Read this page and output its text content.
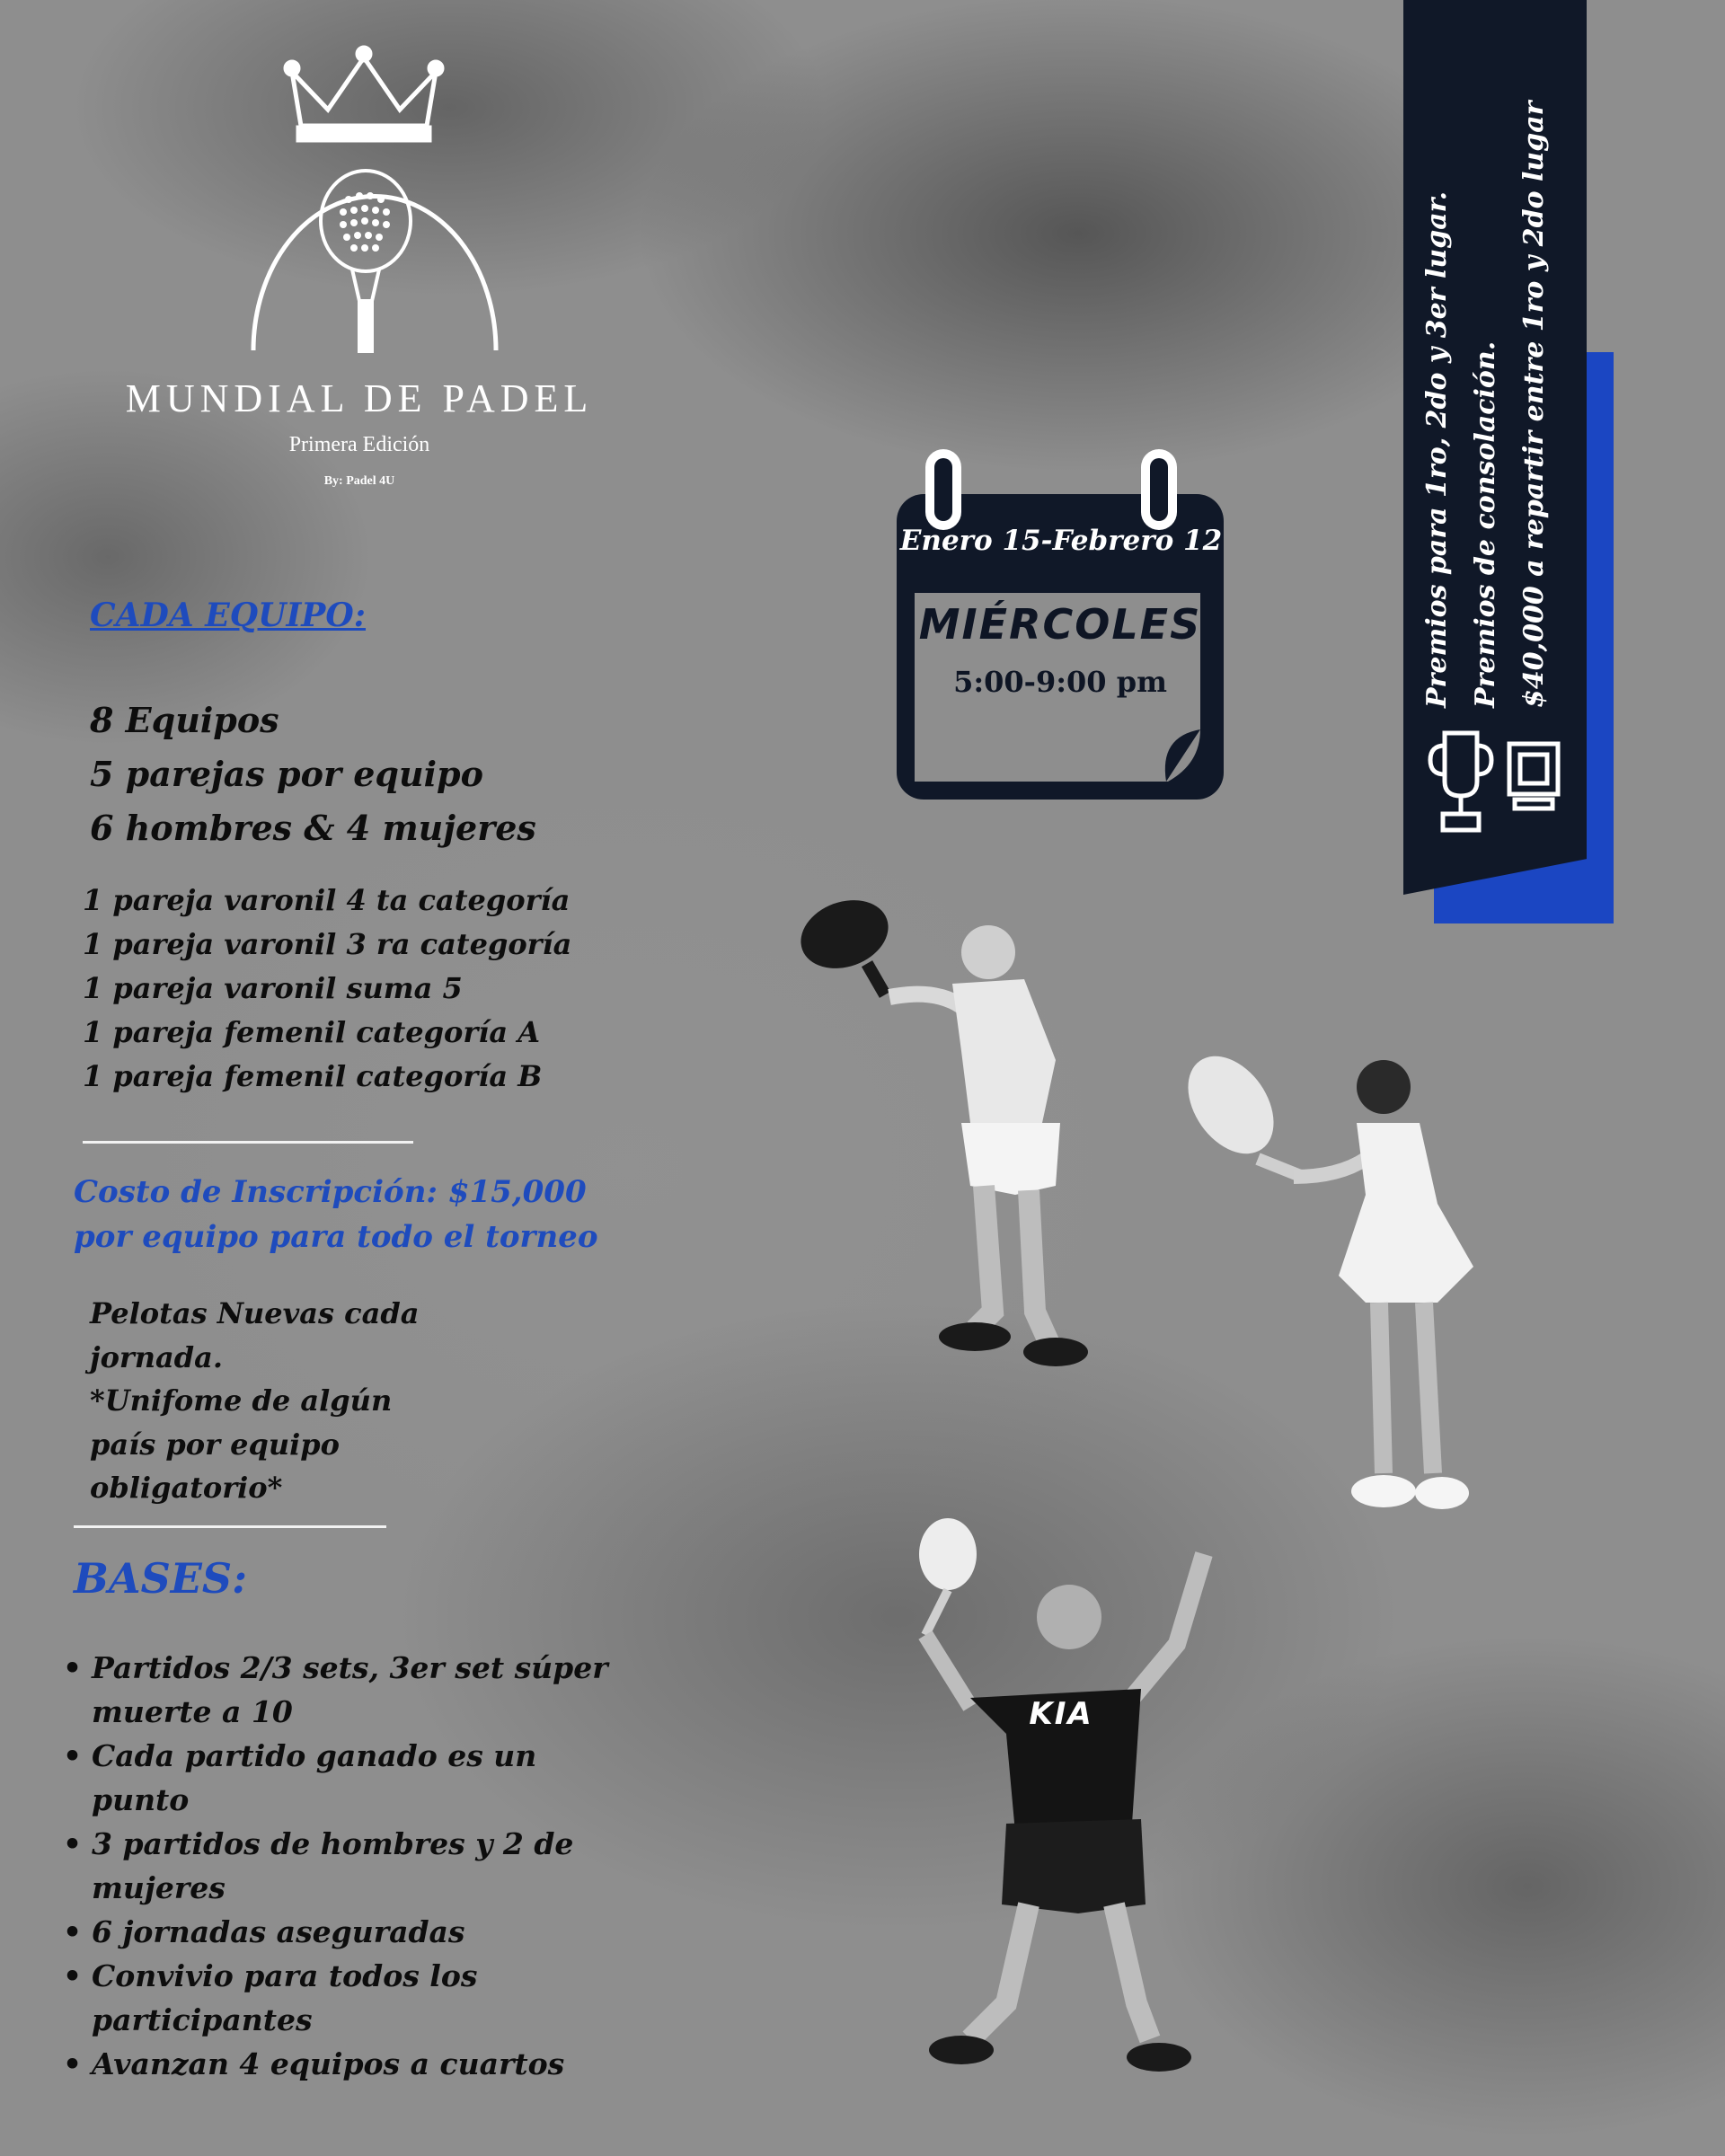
MUNDIAL DE PADEL
Primera Edición
By: Padel 4U
CADA EQUIPO:
8 Equipos
5 parejas por equipo
6 hombres & 4 mujeres
1 pareja varonil 4 ta categoría
1 pareja varonil 3 ra categoría
1 pareja varonil suma 5
1 pareja femenil categoría A
1 pareja femenil categoría B
Costo de Inscripción: $15,000
por equipo para todo el torneo
Pelotas Nuevas cada
jornada.
*Unifome de algún
país por equipo
obligatorio*
BASES:
• Partidos 2/3 sets, 3er set súper muerte a 10
• Cada partido ganado es un punto
• 3 partidos de hombres y 2 de mujeres
• 6 jornadas aseguradas
• Convivio para todos los participantes
• Avanzan 4 equipos a cuartos
Enero 15-Febrero 12
MIÉRCOLES
5:00-9:00 pm	Premios para 1ro, 2do y 3er lugar. Premios de consolación. $40,000 a repartir entre 1ro y 2do lugar
KIA
